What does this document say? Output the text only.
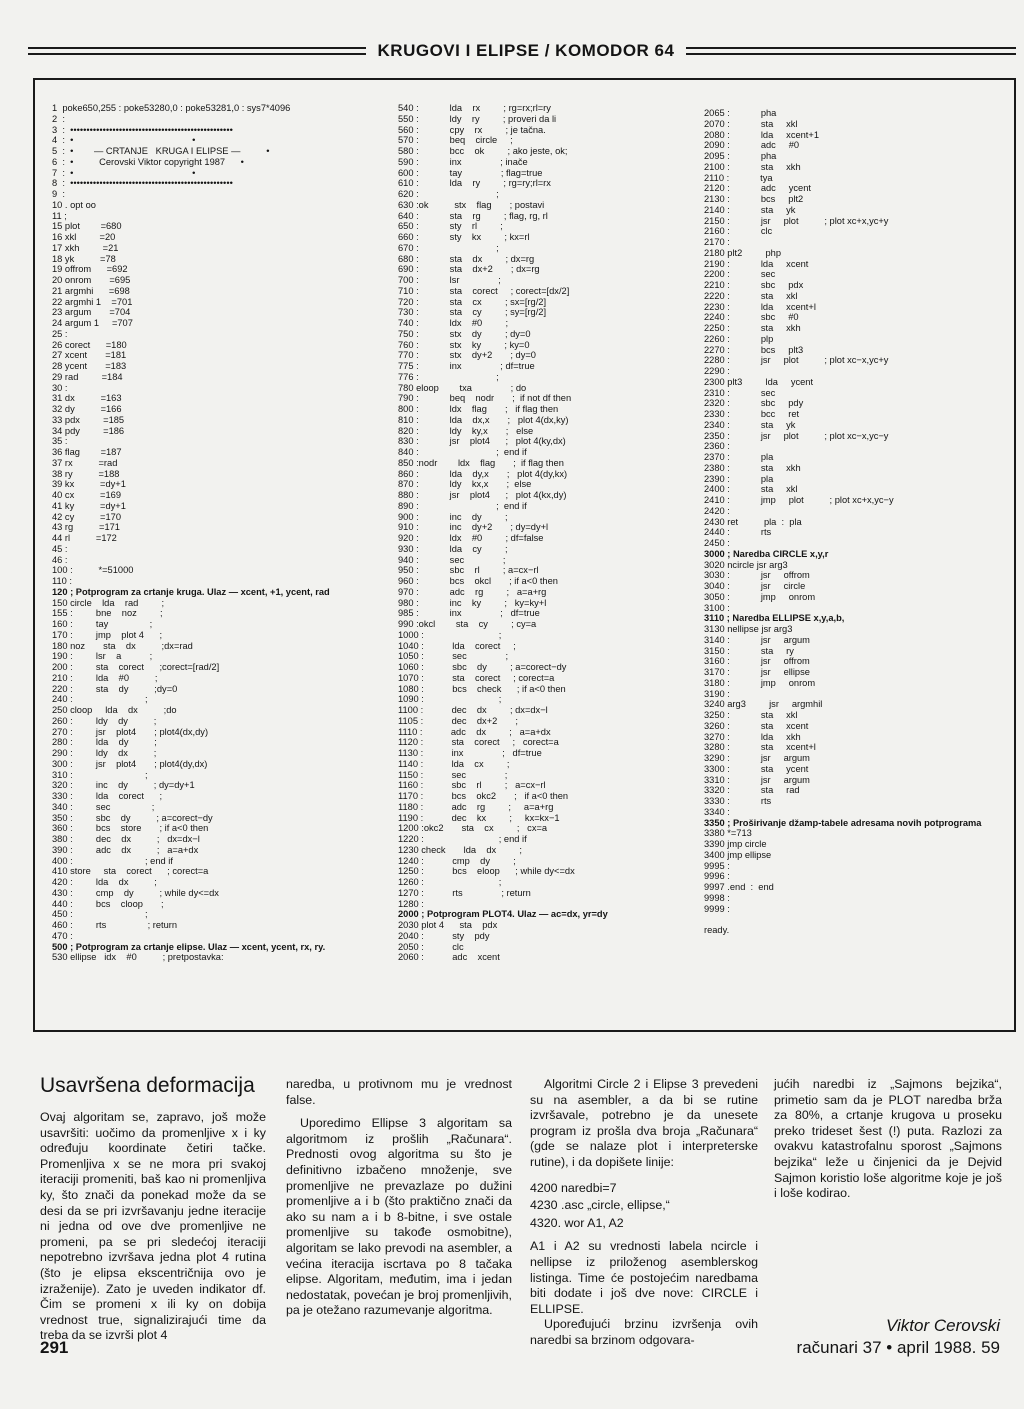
KRUGOVI I ELIPSE / KOMODOR 64
1  poke650,255 : poke53280,0 : poke53281,0 : sys7*4096
2  :
3  :  ••••••••••••••••••••••••••••••••••••••••••••••••••
4  :  •                                              •
5  :  •        — CRTANJE   KRUGA I ELIPSE —          •
6  :  •          Cerovski Viktor copyright 1987      •
7  :  •                                              •
8  :  ••••••••••••••••••••••••••••••••••••••••••••••••••
9  :
10 . opt oo
11 ;
15 plot        =680
16 xkl         =20
17 xkh         =21
18 yk          =78
19 offrom      =692
20 onrom       =695
21 argmhi      =698
22 argmhi 1    =701
23 argum       =704
24 argum 1     =707
25 :
26 corect      =180
27 xcent       =181
28 ycent       =183
29 rad         =184
30 :
31 dx          =163
32 dy          =166
33 pdx         =185
34 pdy         =186
35 :
36 flag        =187
37 rx          =rad
38 ry          =188
39 kx          =dy+1
40 cx          =169
41 ky          =dy+1
42 cy          =170
43 rg          =171
44 rl          =172
45 :
46 :
100 :          *=51000
110 :
120 ; Potprogram za crtanje kruga. Ulaz — xcent, +1, ycent, rad
150 circle    lda    rad         ;
155 :         bne    noz         ;
160 :         tay                ;
170 :         jmp    plot 4      ;
180 noz       sta    dx          ;dx=rad
190 :         lsr    a           ;
200 :         sta    corect      ;corect=[rad/2]
210 :         lda    #0          ;
220 :         sta    dy          ;dy=0
240 :                            ;
250 cloop     lda    dx          ;do
260 :         ldy    dy          ;
270 :         jsr    plot4       ; plot4(dx,dy)
280 :         lda    dy          ;
290 :         ldy    dx          ;
300 :         jsr    plot4       ; plot4(dy,dx)
310 :                            ;
320 :         inc    dy          ; dy=dy+1
330 :         lda    corect      ;
340 :         sec                ;
350 :         sbc    dy          ; a=corect−dy
360 :         bcs    store       ; if a<0 then
380 :         dec    dx          ;   dx=dx−l
390 :         adc    dx          ;   a=a+dx
400 :                            ; end if
410 store     sta    corect      ; corect=a
420 :         lda    dx          ;
430 :         cmp    dy          ; while dy<=dx
440 :         bcs    cloop       ;
450 :                            ;
460 :         rts                ; return
470 :
500 ; Potprogram za crtanje elipse. Ulaz — xcent, ycent, rx, ry.
530 ellipse   idx    #0          ; pretpostavka:
540 :            lda    rx         ; rg=rx;rl=ry
550 :            ldy    ry         ; proveri da li
560 :            cpy    rx         ; je tačna.
570 :            beq    circle     ;
580 :            bcc    ok         ; ako jeste, ok;
590 :            inx               ; inače
600 :            tay               ; flag=true
610 :            lda    ry         ; rg=ry;rl=rx
620 :                              ;
630 :ok          stx    flag       ; postavi
640 :            sta    rg         ; flag, rg, rl
650 :            sty    rl         ;
660 :            sty    kx         ; kx=rl
670 :                              ;
680 :            sta    dx         ; dx=rg
690 :            sta    dx+2       ; dx=rg
700 :            lsr               ;
710 :            sta    corect     ; corect=[dx/2]
720 :            sta    cx         ; sx=[rg/2]
730 :            sta    cy         ; sy=[rg/2]
740 :            ldx    #0         ;
750 :            stx    dy         ; dy=0
760 :            stx    ky         ; ky=0
770 :            stx    dy+2       ; dy=0
775 :            inx               ; df=true
776 :                              ;
780 eloop        txa               ; do
790 :            beq    nodr       ;  if not df then
800 :            ldx    flag       ;   if flag then
810 :            lda    dx,x       ;   plot 4(dx,ky)
820 :            ldy    ky,x       ;   else
830 :            jsr    plot4      ;   plot 4(ky,dx)
840 :                              ;  end if
850 :nodr        ldx    flag       ;  if flag then
860 :            lda    dy,x       ;   plot 4(dy,kx)
870 :            ldy    kx,x       ;  else
880 :            jsr    plot4      ;   plot 4(kx,dy)
890 :                              ;  end if
900 :            inc    dy         ;
910 :            inc    dy+2       ; dy=dy+l
920 :            ldx    #0         ; df=false
930 :            lda    cy         ;
940 :            sec               ;
950 :            sbc    rl         ; a=cx−rl
960 :            bcs    okcl       ; if a<0 then
970 :            adc    rg         ;   a=a+rg
980 :            inc    ky         ;   ky=ky+l
985 :            inx               ;   df=true
990 :okcl        sta    cy         ; cy=a
1000 :                             ;
1040 :           lda    corect     ;
1050 :           sec               ;
1060 :           sbc    dy         ; a=corect−dy
1070 :           sta    corect     ; corect=a
1080 :           bcs    check      ; if a<0 then
1090 :                             ;
1100 :           dec    dx         ; dx=dx−l
1105 :           dec    dx+2       ;
1110 :           adc    dx         ;   a=a+dx
1120 :           sta    corect     ;   corect=a
1130 :           inx               ;   df=true
1140 :           lda    cx         ;
1150 :           sec               ;
1160 :           sbc    rl         ;   a=cx−rl
1170 :           bcs    okc2       ;   if a<0 then
1180 :           adc    rg         ;     a=a+rg
1190 :           dec    kx         ;     kx=kx−1
1200 :okc2       sta    cx         ;   cx=a
1220 :                             ; end if
1230 check       lda    dx         ;
1240 :           cmp    dy         ;
1250 :           bcs    eloop      ; while dy<=dx
1260 :                             ;
1270 :           rts               ; return
1280 :
2000 ; Potprogram PLOT4. Ulaz — ac=dx, yr=dy
2030 plot 4      sta    pdx
2040 :           sty    pdy
2050 :           clc
2060 :           adc    xcent
2065 :            pha
2070 :            sta     xkl
2080 :            lda     xcent+1
2090 :            adc     #0
2095 :            pha
2100 :            sta     xkh
2110 :            tya
2120 :            adc     ycent
2130 :            bcs     plt2
2140 :            sta     yk
2150 :            jsr     plot          ; plot xc+x,yc+y
2160 :            clc
2170 :
2180 plt2         php
2190 :            lda     xcent
2200 :            sec
2210 :            sbc     pdx
2220 :            sta     xkl
2230 :            lda     xcent+l
2240 :            sbc     #0
2250 :            sta     xkh
2260 :            plp
2270 :            bcs     plt3
2280 :            jsr     plot          ; plot xc−x,yc+y
2290 :
2300 plt3         lda     ycent
2310 :            sec
2320 :            sbc     pdy
2330 :            bcc     ret
2340 :            sta     yk
2350 :            jsr     plot          ; plot xc−x,yc−y
2360 :
2370 :            pla
2380 :            sta     xkh
2390 :            pla
2400 :            sta     xkl
2410 :            jmp     plot          ; plot xc+x,yc−y
2420 :
2430 ret          pla  :  pla
2440 :            rts
2450 :
3000 ; Naredba CIRCLE x,y,r
3020 ncircle jsr arg3
3030 :            jsr     offrom
3040 :            jsr     circle
3050 :            jmp     onrom
3100 :
3110 ; Naredba ELLIPSE x,y,a,b,
3130 nellipse jsr arg3
3140 :            jsr     argum
3150 :            sta     ry
3160 :            jsr     offrom
3170 :            jsr     ellipse
3180 :            jmp     onrom
3190 :
3240 arg3         jsr     argmhil
3250 :            sta     xkl
3260 :            sta     xcent
3270 :            lda     xkh
3280 :            sta     xcent+l
3290 :            jsr     argum
3300 :            sta     ycent
3310 :            jsr     argum
3320 :            sta     rad
3330 :            rts
3340 :
3350 ; Proširivanje džamp-tabele adresama novih potprograma
3380 *=713
3390 jmp circle
3400 jmp ellipse
9995 :
9996 :
9997 .end  :  end
9998 :
9999 :
ready.
Usavršena deformacija

Ovaj algoritam se, zapravo, još može usavršiti: uočimo da promenljive x i ky određuju koordinate četiri tačke. Promenljiva x se ne mora pri svakoj iteraciji promeniti, baš kao ni promenljiva ky, što znači da ponekad može da se desi da se pri izvršavanju jedne iteracije ni jedna od ove dve promenljive ne promeni, pa se pri sledećoj iteraciji nepotrebno izvršava jedna plot 4 rutina (što je elipsa ekscentričnija ovo je izraženije). Zato je uveden indikator df. Čim se promeni x ili ky on dobija vrednost true, signalizirajući time da treba da se izvrši plot 4

naredba, u protivnom mu je vrednost false.

Uporedimo Ellipse 3 algoritam sa algoritmom iz prošlih „Računara“. Prednosti ovog algoritma su što je definitivno izbačeno množenje, sve promenljive ne prevazlaze po dužini promenljive a i b (što praktično znači da ako su nam a i b 8-bitne, i sve ostale promenljive su takođe osmobitne), algoritam se lako prevodi na asembler, a većina iteracija iscrtava po 8 tačaka elipse. Algoritam, međutim, ima i jedan nedostatak, povećan je broj promenljivih, pa je otežano razumevanje algoritma.

Algoritmi Circle 2 i Elipse 3 prevedeni su na asembler, a da bi se rutine izvršavale, potrebno je da unesete program iz prošla dva broja „Računara“ (gde se nalaze plot i interpreterske rutine), i da dopišete linije:

4200 naredbi=7
4230 .asc „circle, ellipse,“
4320. wor A1, A2

A1 i A2 su vrednosti labela ncircle i nellipse iz priloženog asemblerskog listinga. Time će postojećim naredbama biti dodate i još dve nove: CIRCLE i ELLIPSE.

Upoređujući brzinu izvršenja ovih naredbi sa brzinom odgovara-

jućih naredbi iz „Sajmons bejzika“, primetio sam da je PLOT naredba brža za 80%, a crtanje krugova u proseku preko trideset šest (!) puta. Razlozi za ovakvu katastrofalnu sporost „Sajmons bejzika“ leže u činjenici da je Dejvid Sajmon koristio loše algoritme koje je još i loše kodirao.

Viktor Cerovski
računari 37 • april 1988. 59
291
